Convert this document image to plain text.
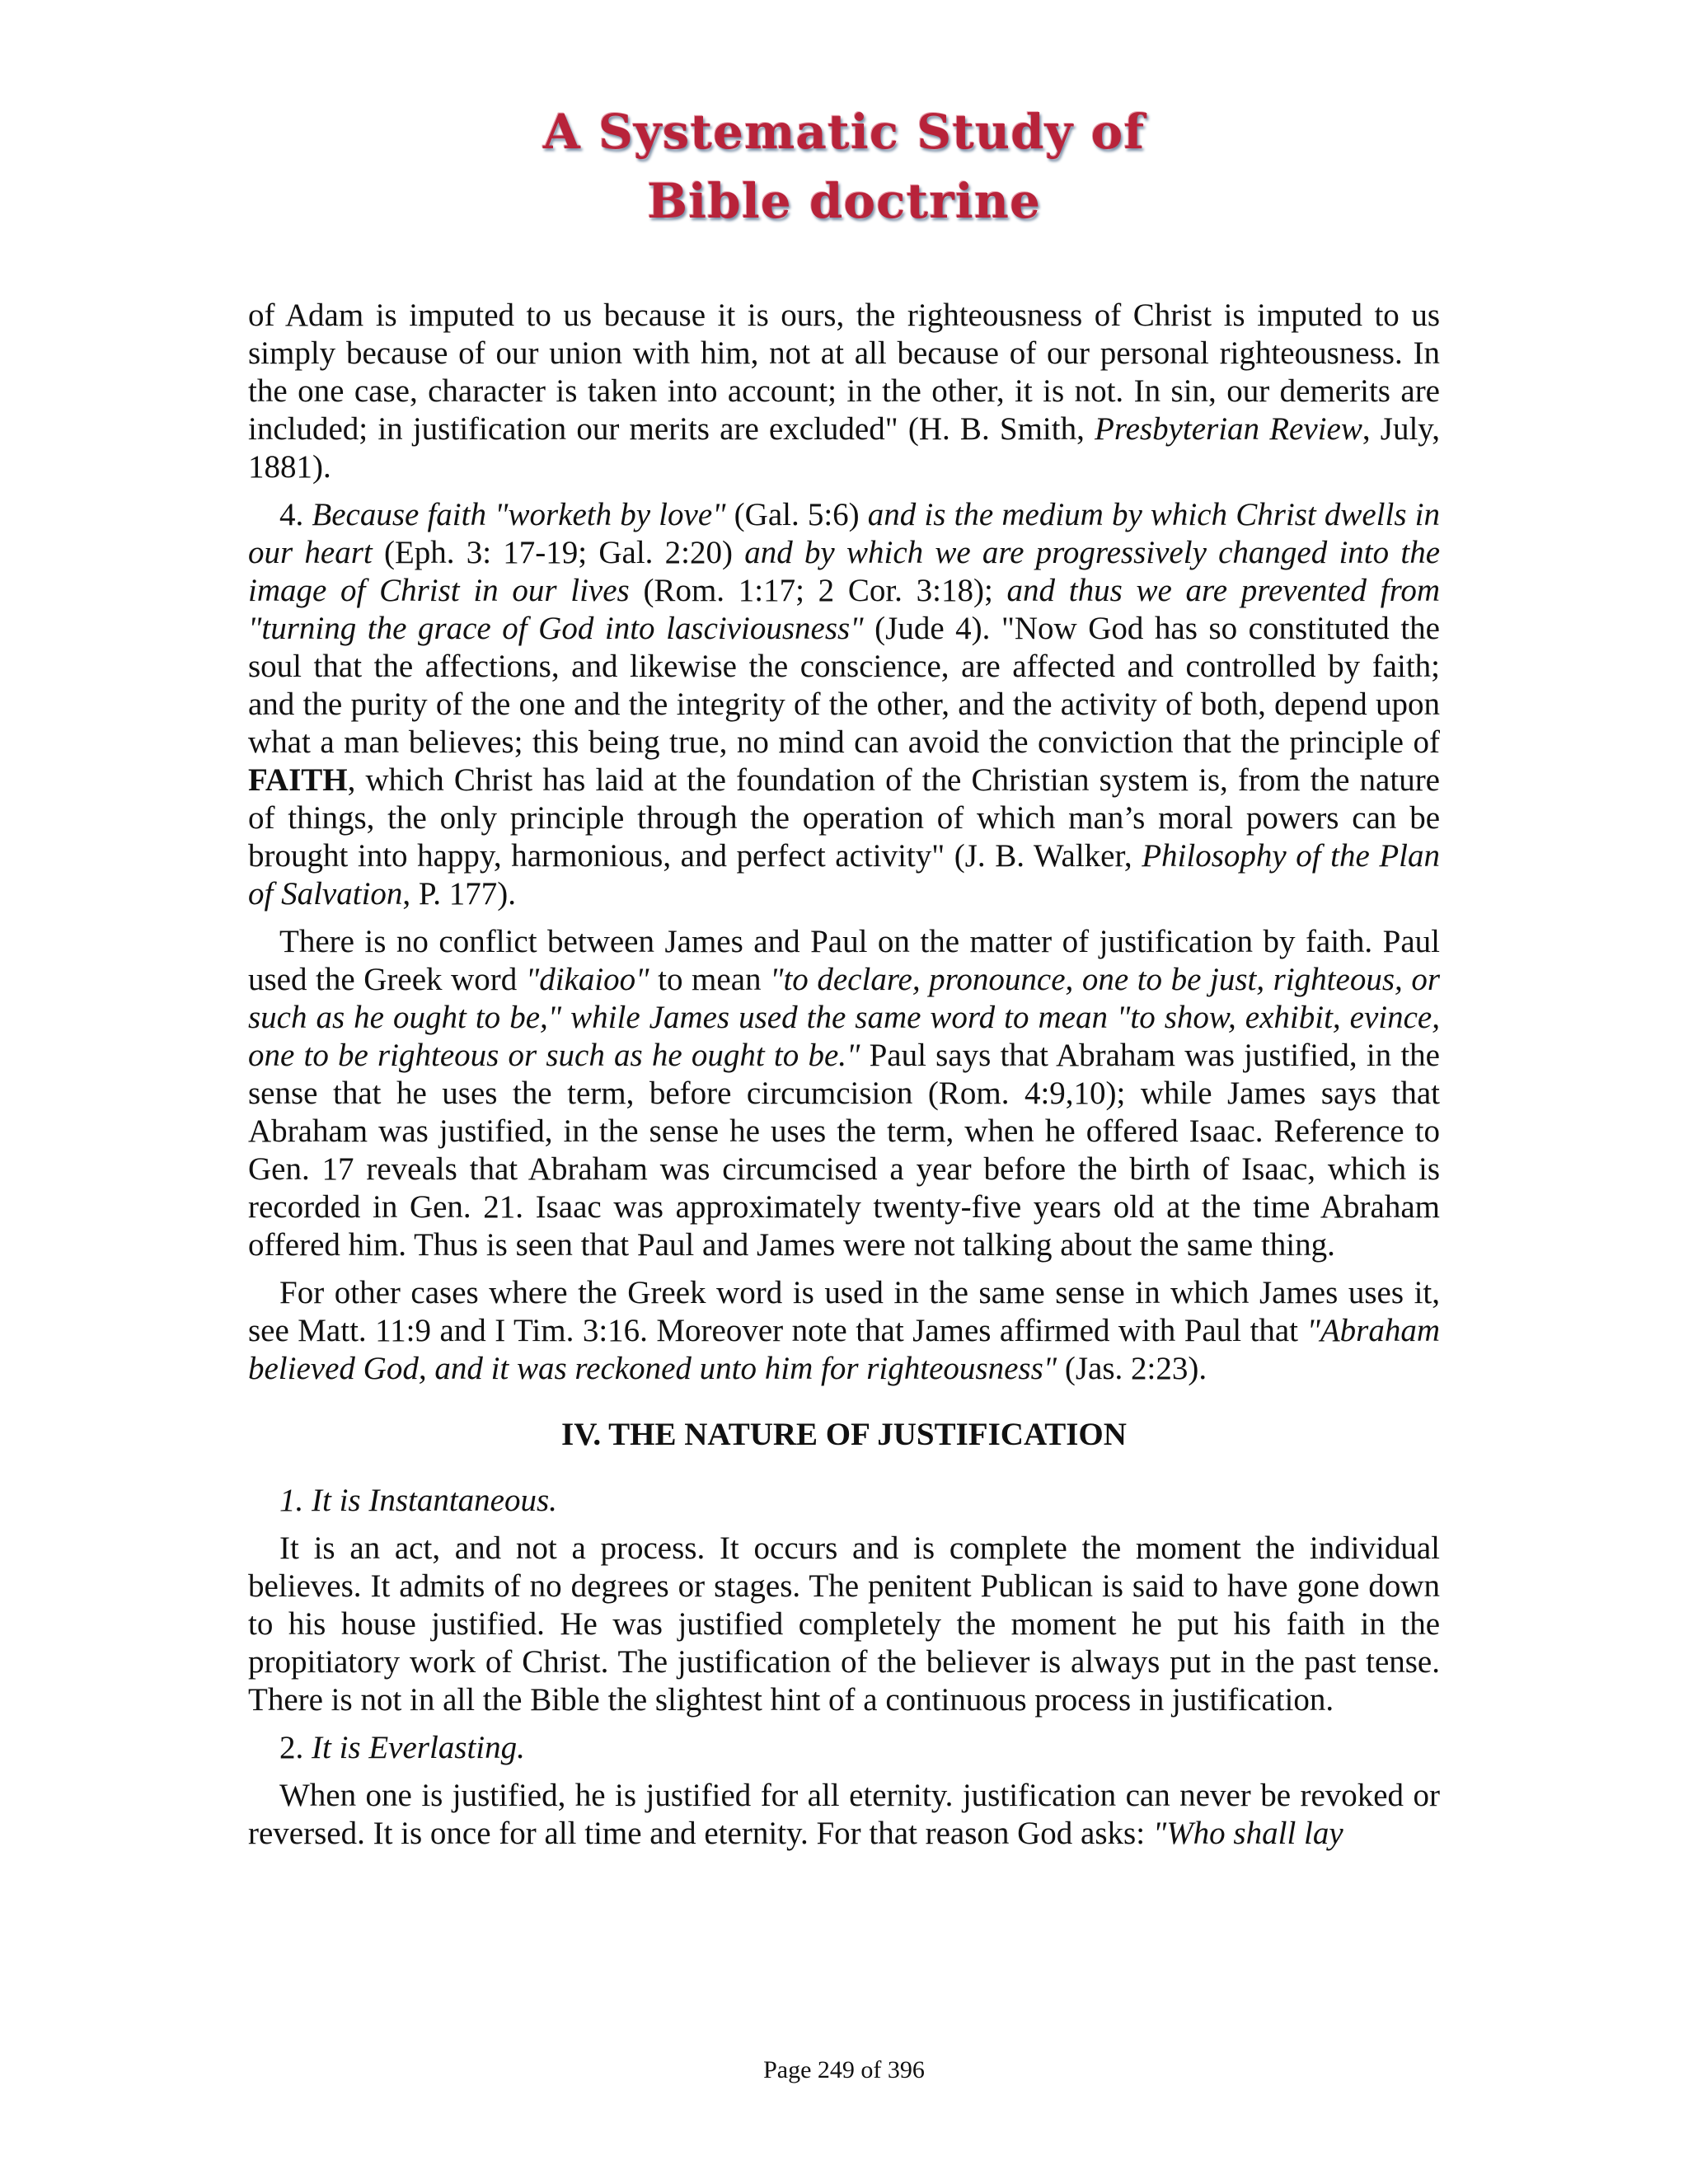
A Systematic Study of
Bible doctrine

of Adam is imputed to us because it is ours, the righteousness of Christ is imputed to us simply because of our union with him, not at all because of our personal righteousness. In the one case, character is taken into account; in the other, it is not. In sin, our demerits are included; in justification our merits are excluded" (H. B. Smith, Presbyterian Review, July, 1881).

4. Because faith "worketh by love" (Gal. 5:6) and is the medium by which Christ dwells in our heart (Eph. 3: 17-19; Gal. 2:20) and by which we are progressively changed into the image of Christ in our lives (Rom. 1:17; 2 Cor. 3:18); and thus we are prevented from "turning the grace of God into lasciviousness" (Jude 4). "Now God has so constituted the soul that the affections, and likewise the conscience, are affected and controlled by faith; and the purity of the one and the integrity of the other, and the activity of both, depend upon what a man believes; this being true, no mind can avoid the conviction that the principle of FAITH, which Christ has laid at the foundation of the Christian system is, from the nature of things, the only principle through the operation of which man’s moral powers can be brought into happy, harmonious, and perfect activity" (J. B. Walker, Philosophy of the Plan of Salvation, P. 177).

There is no conflict between James and Paul on the matter of justification by faith. Paul used the Greek word "dikaioo" to mean "to declare, pronounce, one to be just, righteous, or such as he ought to be," while James used the same word to mean "to show, exhibit, evince, one to be righteous or such as he ought to be." Paul says that Abraham was justified, in the sense that he uses the term, before circumcision (Rom. 4:9,10); while James says that Abraham was justified, in the sense he uses the term, when he offered Isaac. Reference to Gen. 17 reveals that Abraham was circumcised a year before the birth of Isaac, which is recorded in Gen. 21. Isaac was approximately twenty-five years old at the time Abraham offered him. Thus is seen that Paul and James were not talking about the same thing.

For other cases where the Greek word is used in the same sense in which James uses it, see Matt. 11:9 and I Tim. 3:16. Moreover note that James affirmed with Paul that "Abraham believed God, and it was reckoned unto him for righteousness" (Jas. 2:23).

IV. THE NATURE OF JUSTIFICATION

1. It is Instantaneous.

It is an act, and not a process. It occurs and is complete the moment the individual believes. It admits of no degrees or stages. The penitent Publican is said to have gone down to his house justified. He was justified completely the moment he put his faith in the propitiatory work of Christ. The justification of the believer is always put in the past tense. There is not in all the Bible the slightest hint of a continuous process in justification.

2. It is Everlasting.

When one is justified, he is justified for all eternity. justification can never be revoked or reversed. It is once for all time and eternity. For that reason God asks: "Who shall lay

Page 249 of 396
